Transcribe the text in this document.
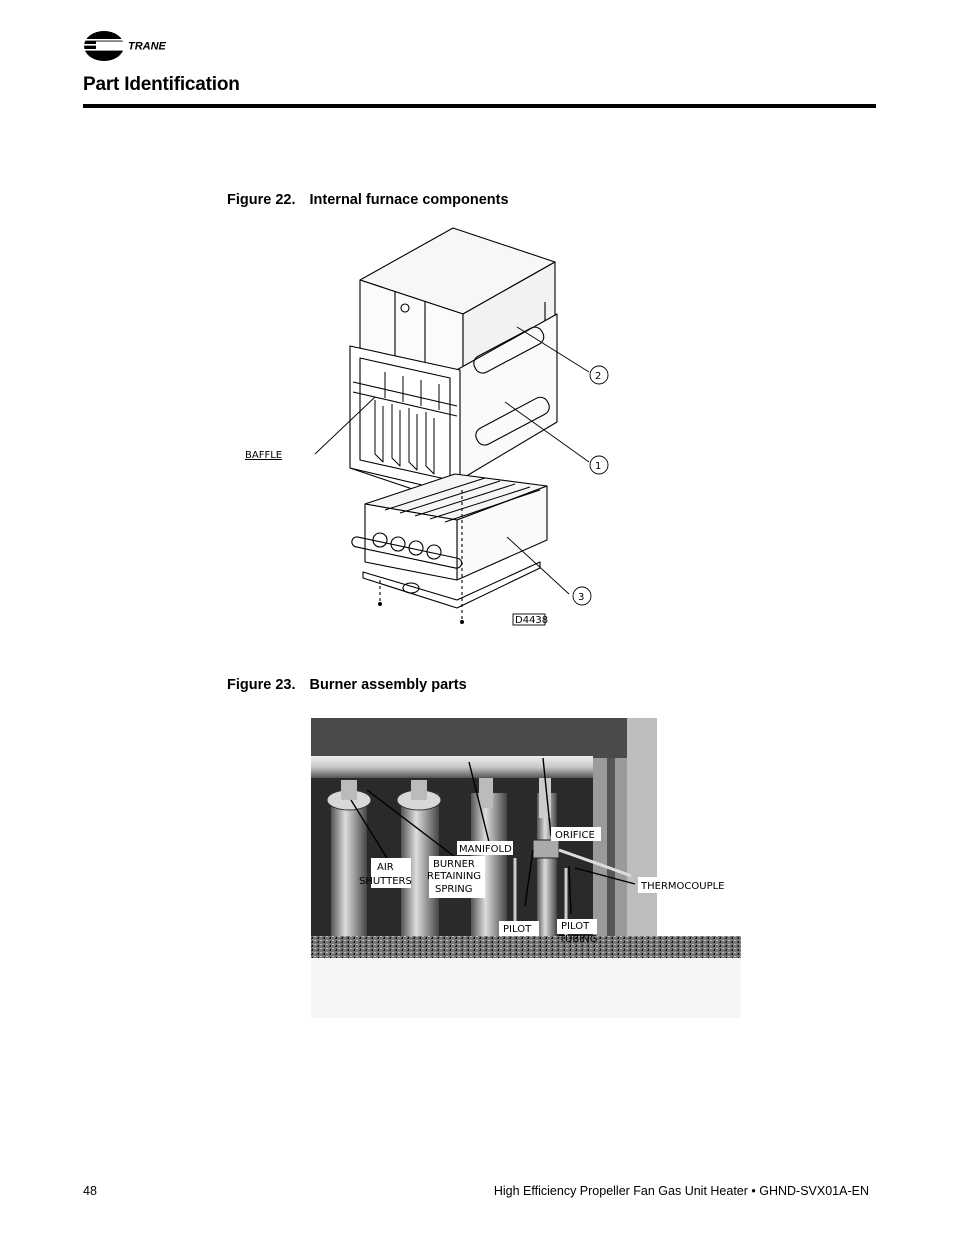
TRANE
Part Identification
Figure 22. Internal furnace components
BAFFLE
2
1
3
D4438
Figure 23. Burner assembly parts
AIR
SHUTTERS
BURNER
RETAINING
SPRING
MANIFOLD
ORIFICE
THERMOCOUPLE
PILOT	PILOT
TUBING
48	High Efficiency Propeller Fan Gas Unit Heater • GHND-SVX01A-EN
